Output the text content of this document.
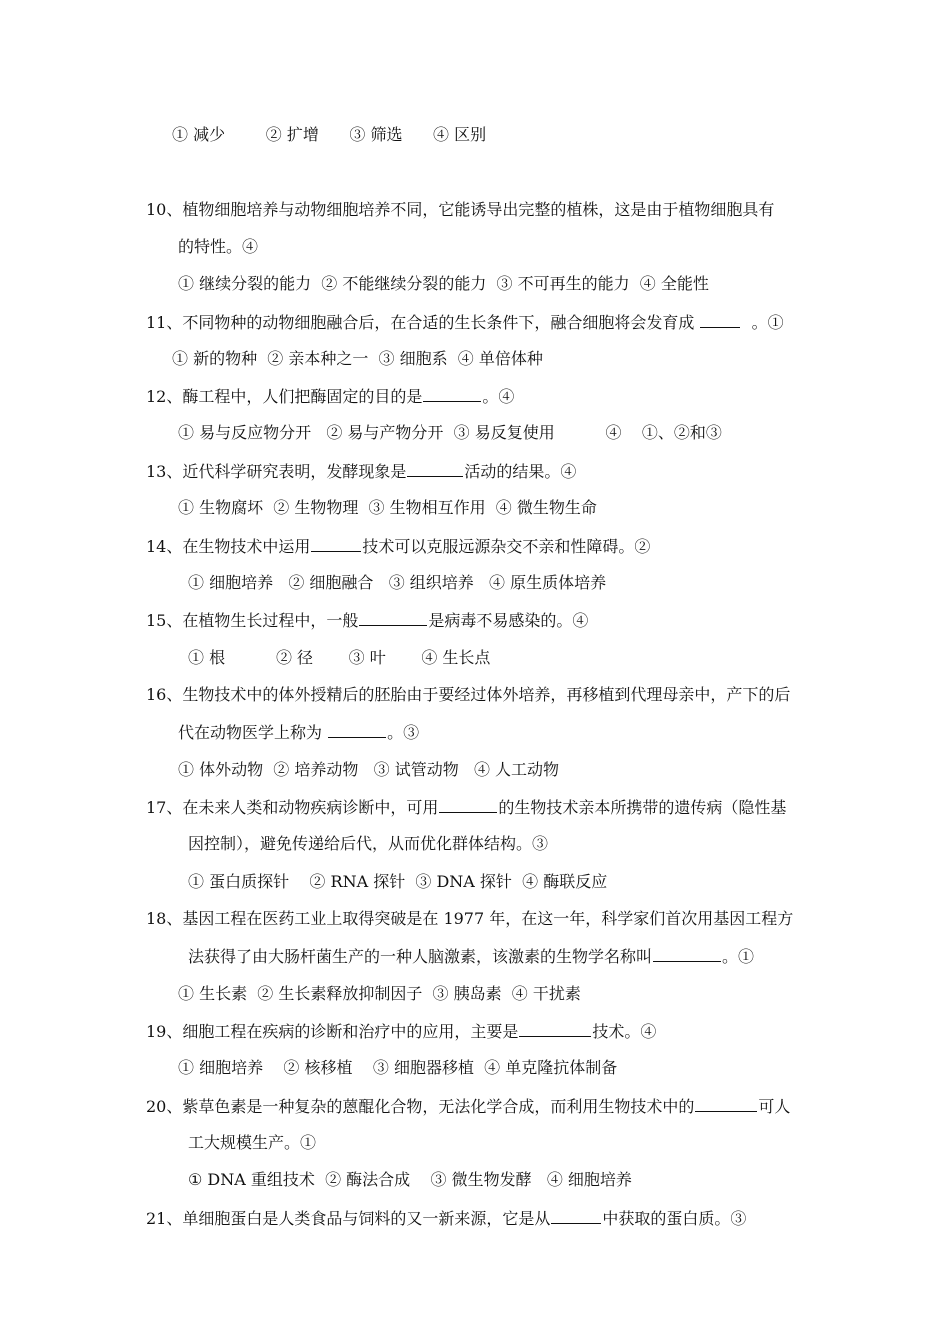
① 减少        ② 扩增      ③ 筛选      ④ 区别
10、植物细胞培养与动物细胞培养不同，它能诱导出完整的植株，这是由于植物细胞具有
的特性。④
① 继续分裂的能力  ② 不能继续分裂的能力  ③ 不可再生的能力  ④ 全能性
11、不同物种的动物细胞融合后，在合适的生长条件下，融合细胞将会发育成	。①
① 新的物种  ② 亲本种之一  ③ 细胞系  ④ 单倍体种
12、酶工程中，人们把酶固定的目的是	。④
① 易与反应物分开   ② 易与产物分开  ③ 易反复使用          ④    ①、②和③
13、近代科学研究表明，发酵现象是	活动的结果。④
① 生物腐坏  ② 生物物理  ③ 生物相互作用  ④ 微生物生命
14、在生物技术中运用	技术可以克服远源杂交不亲和性障碍。②
① 细胞培养   ② 细胞融合   ③ 组织培养   ④ 原生质体培养
15、在植物生长过程中，一般	是病毒不易感染的。④
① 根          ② 径       ③ 叶       ④ 生长点
16、生物技术中的体外授精后的胚胎由于要经过体外培养，再移植到代理母亲中，产下的后
代在动物医学上称为	。③
① 体外动物  ② 培养动物   ③ 试管动物   ④ 人工动物
17、在未来人类和动物疾病诊断中，可用	的生物技术亲本所携带的遗传病（隐性基
因控制），避免传递给后代，从而优化群体结构。③
① 蛋白质探针    ② RNA 探针  ③ DNA 探针  ④ 酶联反应
18、基因工程在医药工业上取得突破是在 1977 年，在这一年，科学家们首次用基因工程方
法获得了由大肠杆菌生产的一种人脑激素，该激素的生物学名称叫	。①
① 生长素  ② 生长素释放抑制因子  ③ 胰岛素  ④ 干扰素
19、细胞工程在疾病的诊断和治疗中的应用，主要是	技术。④
① 细胞培养    ② 核移植    ③ 细胞器移植  ④ 单克隆抗体制备
20、紫草色素是一种复杂的蒽醌化合物，无法化学合成，而利用生物技术中的	可人
工大规模生产。①
① DNA 重组技术  ② 酶法合成    ③ 微生物发酵   ④ 细胞培养
21、单细胞蛋白是人类食品与饲料的又一新来源，它是从	中获取的蛋白质。③
